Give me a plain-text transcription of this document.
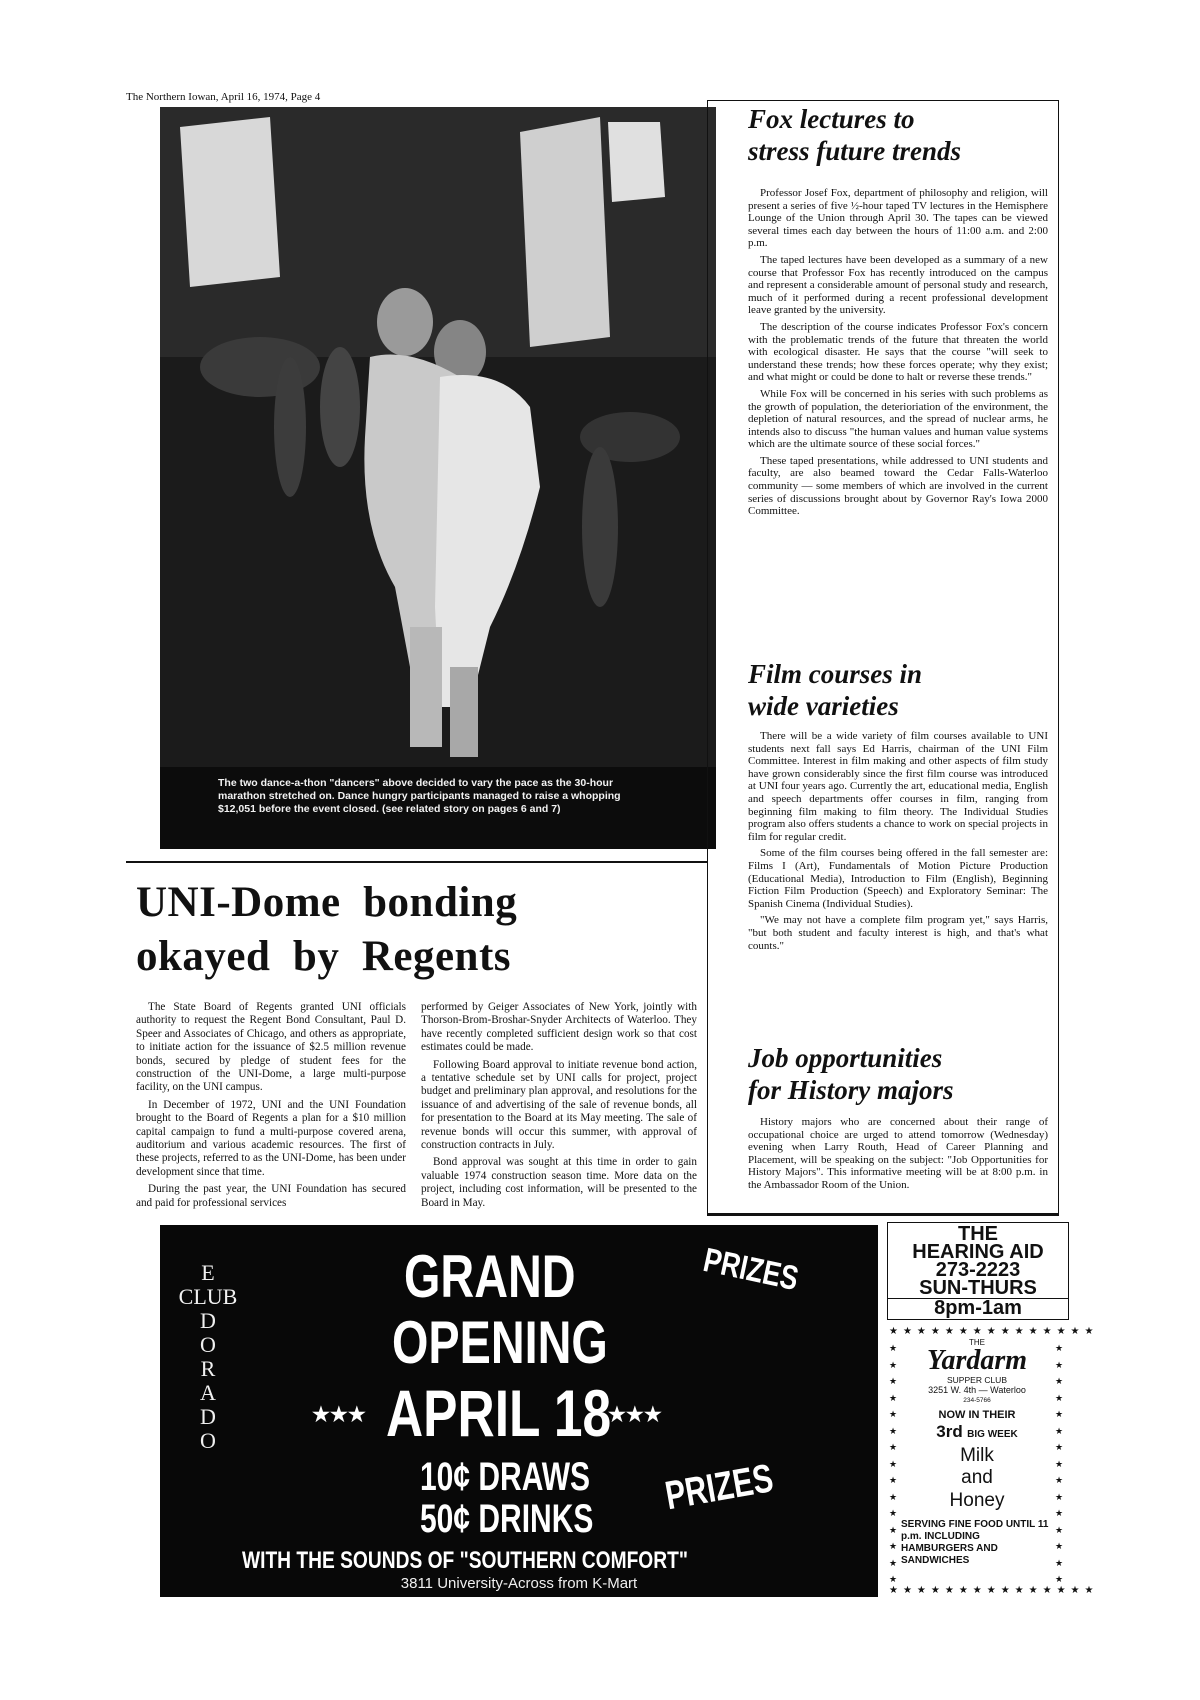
The Northern Iowan, April 16, 1974, Page 4
The two dance-a-thon "dancers" above decided to vary the pace as the 30-hour marathon stretched on. Dance hungry participants managed to raise a whopping $12,051 before the event closed. (see related story on pages 6 and 7)
UNI-Dome  bonding
okayed  by  Regents

The State Board of Regents granted UNI officials authority to request the Regent Bond Consultant, Paul D. Speer and Associates of Chicago, and others as appropriate, to initiate action for the issuance of $2.5 million revenue bonds, secured by pledge of student fees for the construction of the UNI-Dome, a large multi-purpose facility, on the UNI campus.

In December of 1972, UNI and the UNI Foundation brought to the Board of Regents a plan for a $10 million capital campaign to fund a multi-purpose covered arena, auditorium and various academic resources. The first of these projects, referred to as the UNI-Dome, has been under development since that time.

During the past year, the UNI Foundation has secured and paid for professional services

performed by Geiger Associates of New York, jointly with Thorson-Brom-Broshar-Snyder Architects of Waterloo. They have recently completed sufficient design work so that cost estimates could be made.

Following Board approval to initiate revenue bond action, a tentative schedule set by UNI calls for project, project budget and preliminary plan approval, and resolutions for the issuance of and advertising of the sale of revenue bonds, all for presentation to the Board at its May meeting. The sale of revenue bonds will occur this summer, with approval of construction contracts in July.

Bond approval was sought at this time in order to gain valuable 1974 construction season time. More data on the project, including cost information, will be presented to the Board in May.

Fox lectures to
stress future trends

Professor Josef Fox, department of philosophy and religion, will present a series of five ½-hour taped TV lectures in the Hemisphere Lounge of the Union through April 30. The tapes can be viewed several times each day between the hours of 11:00 a.m. and 2:00 p.m.

The taped lectures have been developed as a summary of a new course that Professor Fox has recently introduced on the campus and represent a considerable amount of personal study and research, much of it performed during a recent professional development leave granted by the university.

The description of the course indicates Professor Fox's concern with the problematic trends of the future that threaten the world with ecological disaster. He says that the course "will seek to understand these trends; how these forces operate; why they exist; and what might or could be done to halt or reverse these trends."

While Fox will be concerned in his series with such problems as the growth of population, the deterioriation of the environment, the depletion of natural resources, and the spread of nuclear arms, he intends also to discuss "the human values and human value systems which are the ultimate source of these social forces."

These taped presentations, while addressed to UNI students and faculty, are also beamed toward the Cedar Falls-Waterloo community — some members of which are involved in the current series of discussions brought about by Governor Ray's Iowa 2000 Committee.

Film courses in
wide varieties

There will be a wide variety of film courses available to UNI students next fall says Ed Harris, chairman of the UNI Film Committee. Interest in film making and other aspects of film study have grown considerably since the first film course was introduced at UNI four years ago. Currently the art, educational media, English and speech departments offer courses in film, ranging from beginning film making to film theory. The Individual Studies program also offers students a chance to work on special projects in film for regular credit.

Some of the film courses being offered in the fall semester are: Films I (Art), Fundamentals of Motion Picture Production (Educational Media), Introduction to Film (English), Beginning Fiction Film Production (Speech) and Exploratory Seminar: The Spanish Cinema (Individual Studies).

"We may not have a complete film program yet," says Harris, "but both student and faculty interest is high, and that's what counts."

Job opportunities
for History majors

History majors who are concerned about their range of occupational choice are urged to attend tomorrow (Wednesday) evening when Larry Routh, Head of Career Planning and Placement, will be speaking on the subject: "Job Opportunities for History Majors". This informative meeting will be at 8:00 p.m. in the Ambassador Room of the Union.

E
CLUB
D
O
R
A
D
O
GRAND
OPENING
PRIZES
★★★ APRIL 18
★★★
10¢ DRAWS
50¢ DRINKS
PRIZES
WITH THE SOUNDS OF "SOUTHERN COMFORT"
3811 University-Across from K-Mart
THE
HEARING AID
273-2223
SUN-THURS
8pm-1am
★★★★★★★★★★★★★★★
★★★★★★★★★★★★★★★
★
★
★
★
★
★
★
★
★
★
★
★
★
★
★
★
★
★
★
★
★
★
★
★
★
★
★
★
★
★
THE
Yardarm
SUPPER CLUB
3251 W. 4th — Waterloo
234-5766
NOW IN THEIR
3rd BIG WEEK
Milk
and
Honey
SERVING FINE FOOD UNTIL 11 p.m. INCLUDING HAMBURGERS AND SANDWICHES
